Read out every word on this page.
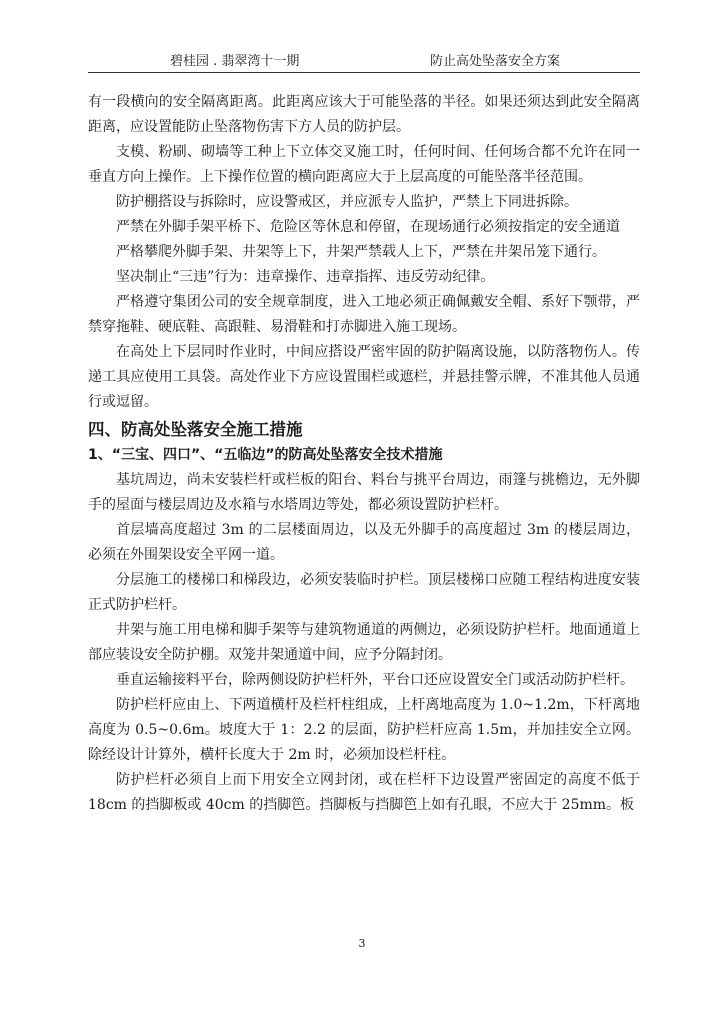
碧桂园 . 翡翠湾十一期	防止高处坠落安全方案

有一段横向的安全隔离距离。此距离应该大于可能坠落的半径。如果还须达到此安全隔离距离，应设置能防止坠落物伤害下方人员的防护层。

支模、粉刷、砌墙等工种上下立体交叉施工时，任何时间、任何场合都不允许在同一垂直方向上操作。上下操作位置的横向距离应大于上层高度的可能坠落半径范围。

防护棚搭设与拆除时，应设警戒区，并应派专人监护，严禁上下同进拆除。

严禁在外脚手架平桥下、危险区等休息和停留，在现场通行必须按指定的安全通道

严格攀爬外脚手架、井架等上下，井架严禁载人上下，严禁在井架吊笼下通行。

坚决制止“三违”行为：违章操作、违章指挥、违反劳动纪律。

严格遵守集团公司的安全规章制度，进入工地必须正确佩戴安全帽、系好下颚带，严禁穿拖鞋、硬底鞋、高跟鞋、易滑鞋和打赤脚进入施工现场。

在高处上下层同时作业时，中间应搭设严密牢固的防护隔离设施，以防落物伤人。传递工具应使用工具袋。高处作业下方应设置围栏或遮栏，并悬挂警示牌，不准其他人员通行或逗留。

四、防高处坠落安全施工措施
1、“三宝、四口”、“五临边”的防高处坠落安全技术措施

基坑周边，尚未安装栏杆或栏板的阳台、料台与挑平台周边，雨篷与挑檐边，无外脚手的屋面与楼层周边及水箱与水塔周边等处，都必须设置防护栏杆。

首层墙高度超过 3m 的二层楼面周边，以及无外脚手的高度超过 3m 的楼层周边，必须在外围架设安全平网一道。

分层施工的楼梯口和梯段边，必须安装临时护栏。顶层楼梯口应随工程结构进度安装正式防护栏杆。

井架与施工用电梯和脚手架等与建筑物通道的两侧边，必须设防护栏杆。地面通道上部应装设安全防护棚。双笼井架通道中间，应予分隔封闭。

垂直运输接料平台，除两侧设防护栏杆外，平台口还应设置安全门或活动防护栏杆。

防护栏杆应由上、下两道横杆及栏杆柱组成，上杆离地高度为 1.0~1.2m，下杆离地高度为 0.5~0.6m。坡度大于 1：2.2 的层面，防护栏杆应高 1.5m，并加挂安全立网。除经设计计算外，横杆长度大于 2m 时，必须加设栏杆柱。

防护栏杆必须自上而下用安全立网封闭，或在栏杆下边设置严密固定的高度不低于 18cm 的挡脚板或 40cm 的挡脚笆。挡脚板与挡脚笆上如有孔眼，不应大于 25mm。板

3
